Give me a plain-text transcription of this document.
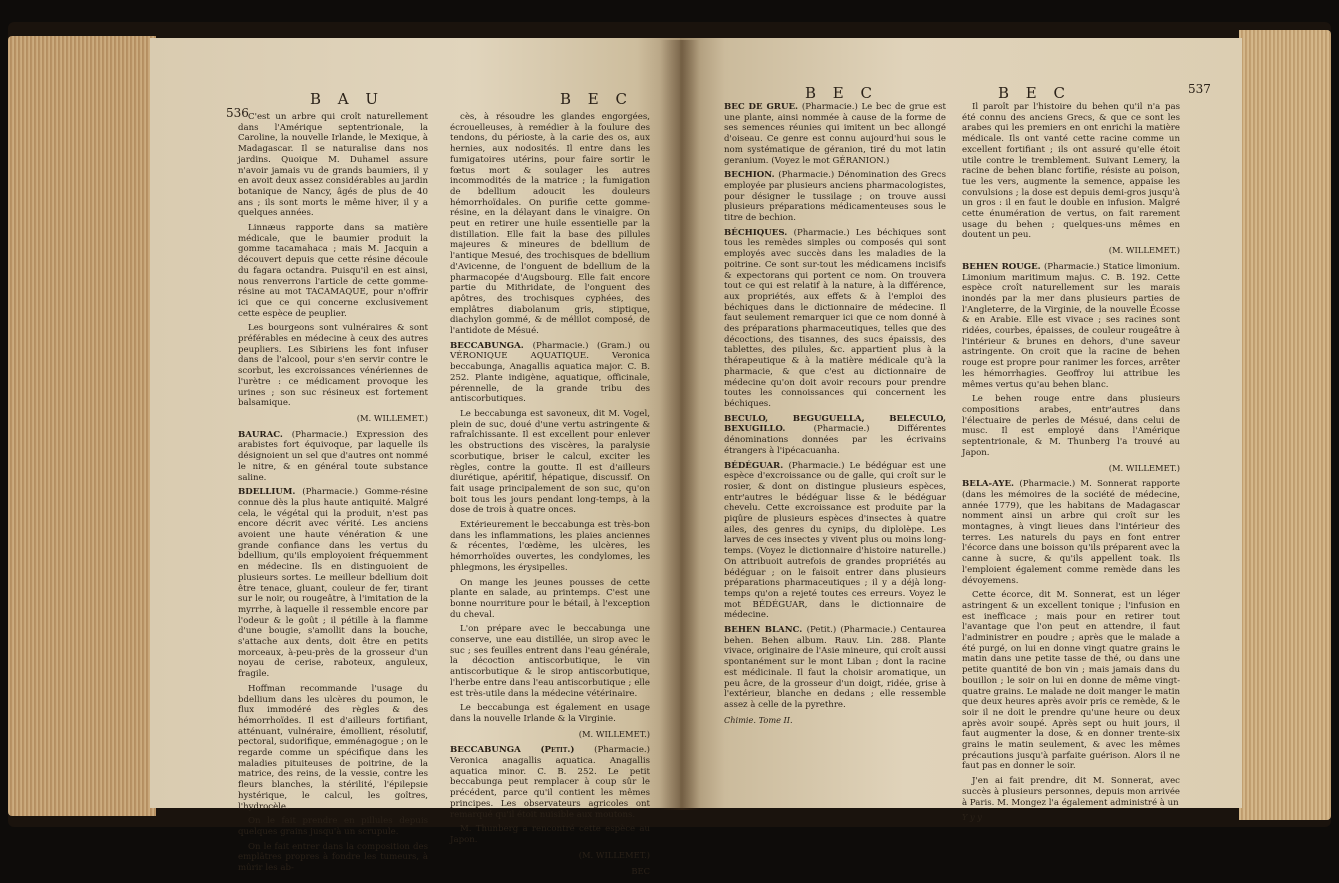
536
B A U	B E C

C'est un arbre qui croît naturellement dans l'Amérique septentrionale, la Caroline, la nouvelle Irlande, le Mexique, à Madagascar. Il se naturalise dans nos jardins. Quoique M. Duhamel assure n'avoir jamais vu de grands baumiers, il y en avoit deux assez considérables au jardin botanique de Nancy, âgés de plus de 40 ans ; ils sont morts le même hiver, il y a quelques années.

Linnæus rapporte dans sa matière médicale, que le baumier produit la gomme tacamahaca ; mais M. Jacquin a découvert depuis que cette résine découle du fagara octandra. Puisqu'il en est ainsi, nous renverrons l'article de cette gomme-résine au mot TACAMAQUE, pour n'offrir ici que ce qui concerne exclusivement cette espèce de peuplier.

Les bourgeons sont vulnéraires & sont préférables en médecine à ceux des autres peupliers. Les Sibiriens les font infuser dans de l'alcool, pour s'en servir contre le scorbut, les excroissances vénériennes de l'urètre : ce médicament provoque les urines ; son suc résineux est fortement balsamique.

(M. WILLEMET.)

BAURAC. (Pharmacie.) Expression des arabistes fort équivoque, par laquelle ils désignoient un sel que d'autres ont nommé le nitre, & en général toute substance saline.

BDELLIUM. (Pharmacie.) Gomme-résine connue dès la plus haute antiquité. Malgré cela, le végétal qui la produit, n'est pas encore décrit avec vérité. Les anciens avoient une haute vénération & une grande confiance dans les vertus du bdellium, qu'ils employoient fréquemment en médecine. Ils en distinguoient de plusieurs sortes. Le meilleur bdellium doit être tenace, gluant, couleur de fer, tirant sur le noir, ou rougeâtre, à l'imitation de la myrrhe, à laquelle il ressemble encore par l'odeur & le goût ; il pétille à la flamme d'une bougie, s'amollit dans la bouche, s'attache aux dents, doit être en petits morceaux, à-peu-près de la grosseur d'un noyau de cerise, raboteux, anguleux, fragile.

Hoffman recommande l'usage du bdellium dans les ulcères du poumon, le flux immodéré des règles & des hémorrhoïdes. Il est d'ailleurs fortifiant, atténuant, vulnéraire, émollient, résolutif, pectoral, sudorifique, emménagogue ; on le regarde comme un spécifique dans les maladies pituiteuses de poitrine, de la matrice, des reins, de la vessie, contre les fleurs blanches, la stérilité, l'épilepsie hystérique, le calcul, les goîtres, l'hydrocèle.

On le fait prendre en pillules depuis quelques grains jusqu'à un scrupule.

On le fait entrer dans la composition des emplâtres propres à fondre les tumeurs, à mûrir les ab-

cès, à résoudre les glandes engorgées, écrouelleuses, à remédier à la foulure des tendons, du périoste, à la carie des os, aux hernies, aux nodosités. Il entre dans les fumigatoires utérins, pour faire sortir le fœtus mort & soulager les autres incommodités de la matrice ; la fumigation de bdellium adoucit les douleurs hémorrhoïdales. On purifie cette gomme-résine, en la délayant dans le vinaigre. On peut en retirer une huile essentielle par la distillation. Elle fait la base des pillules majeures & mineures de bdellium de l'antique Mesué, des trochisques de bdellium d'Avicenne, de l'onguent de bdellium de la pharmacopée d'Augsbourg. Elle fait encore partie du Mithridate, de l'onguent des apôtres, des trochisques cyphées, des emplâtres diabolanum gris, stiptique, diachylon gommé, & de mélilot composé, de l'antidote de Mésué.

BECCABUNGA. (Pharmacie.) (Gram.) ou VÉRONIQUE AQUATIQUE. Veronica beccabunga, Anagallis aquatica major. C. B. 252. Plante indigène, aquatique, officinale, pérennelle, de la grande tribu des antiscorbutiques.

Le beccabunga est savoneux, dit M. Vogel, plein de suc, doué d'une vertu astringente & rafraîchissante. Il est excellent pour enlever les obstructions des viscères, la paralysie scorbutique, briser le calcul, exciter les règles, contre la goutte. Il est d'ailleurs diurétique, apéritif, hépatique, discussif. On fait usage principalement de son suc, qu'on boit tous les jours pendant long-temps, à la dose de trois à quatre onces.

Extérieurement le beccabunga est très-bon dans les inflammations, les plaies anciennes & récentes, l'œdème, les ulcères, les hémorrhoïdes ouvertes, les condylomes, les phlegmons, les érysipelles.

On mange les jeunes pousses de cette plante en salade, au printemps. C'est une bonne nourriture pour le bétail, à l'exception du cheval.

L'on prépare avec le beccabunga une conserve, une eau distillée, un sirop avec le suc ; ses feuilles entrent dans l'eau générale, la décoction antiscorbutique, le vin antiscorbutique & le sirop antiscorbutique, l'herbe entre dans l'eau antiscorbutique ; elle est très-utile dans la médecine vétérinaire.

Le beccabunga est également en usage dans la nouvelle Irlande & la Virginie.

(M. WILLEMET.)

BECCABUNGA (Petit.) (Pharmacie.) Veronica anagallis aquatica. Anagallis aquatica minor. C. B. 252. Le petit beccabunga peut remplacer à coup sûr le précédent, parce qu'il contient les mêmes principes. Les observateurs agricoles ont remarqué qu'il étoit nuisible aux moutons.

M. Thunberg a rencontré cette espèce au Japon.

(M. WILLEMET.)
BEC
B E C	B E C	537

BEC DE GRUE. (Pharmacie.) Le bec de grue est une plante, ainsi nommée à cause de la forme de ses semences réunies qui imitent un bec allongé d'oiseau. Ce genre est connu aujourd'hui sous le nom systématique de géranion, tiré du mot latin geranium. (Voyez le mot GÉRANION.)

BECHION. (Pharmacie.) Dénomination des Grecs employée par plusieurs anciens pharmacologistes, pour désigner le tussilage ; on trouve aussi plusieurs préparations médicamenteuses sous le titre de bechion.

BÉCHIQUES. (Pharmacie.) Les béchiques sont tous les remèdes simples ou composés qui sont employés avec succès dans les maladies de la poitrine. Ce sont sur-tout les médicamens incisifs & expectorans qui portent ce nom. On trouvera tout ce qui est relatif à la nature, à la différence, aux propriétés, aux effets & à l'emploi des béchiques dans le dictionnaire de médecine. Il faut seulement remarquer ici que ce nom donné à des préparations pharmaceutiques, telles que des décoctions, des tisannes, des sucs épaissis, des tablettes, des pilules, &c. appartient plus à la thérapeutique & à la matière médicale qu'à la pharmacie, & que c'est au dictionnaire de médecine qu'on doit avoir recours pour prendre toutes les connoissances qui concernent les béchiques.

BECULO, BEGUGUELLA, BELECULO, BEXUGILLO. (Pharmacie.) Différentes dénominations données par les écrivains étrangers à l'ipécacuanha.

BÉDÉGUAR. (Pharmacie.) Le bédéguar est une espèce d'excroissance ou de galle, qui croît sur le rosier, & dont on distingue plusieurs espèces, entr'autres le bédéguar lisse & le bédéguar chevelu. Cette excroissance est produite par la piqûre de plusieurs espèces d'insectes à quatre ailes, des genres du cynips, du diplolèpe. Les larves de ces insectes y vivent plus ou moins long-temps. (Voyez le dictionnaire d'histoire naturelle.) On attribuoit autrefois de grandes propriétés au bédéguar ; on le faisoit entrer dans plusieurs préparations pharmaceutiques ; il y a déjà long-temps qu'on a rejeté toutes ces erreurs. Voyez le mot BÉDÉGUAR, dans le dictionnaire de médecine.

BEHEN BLANC. (Petit.) (Pharmacie.) Centaurea behen. Behen album. Rauv. Lin. 288. Plante vivace, originaire de l'Asie mineure, qui croît aussi spontanément sur le mont Liban ; dont la racine est médicinale. Il faut la choisir aromatique, un peu âcre, de la grosseur d'un doigt, ridée, grise à l'extérieur, blanche en dedans ; elle ressemble assez à celle de la pyrethre.

Chimie. Tome II.

Il paroît par l'histoire du behen qu'il n'a pas été connu des anciens Grecs, & que ce sont les arabes qui les premiers en ont enrichi la matière médicale. Ils ont vanté cette racine comme un excellent fortifiant ; ils ont assuré qu'elle étoit utile contre le tremblement. Suivant Lemery, la racine de behen blanc fortifie, résiste au poison, tue les vers, augmente la semence, appaise les convulsions ; la dose est depuis demi-gros jusqu'à un gros : il en faut le double en infusion. Malgré cette énumération de vertus, on fait rarement usage du behen ; quelques-uns mêmes en doutent un peu.

(M. WILLEMET.)

BEHEN ROUGE. (Pharmacie.) Statice limonium. Limonium maritimum majus. C. B. 192. Cette espèce croît naturellement sur les marais inondés par la mer dans plusieurs parties de l'Angleterre, de la Virginie, de la nouvelle Écosse & en Arabie. Elle est vivace ; ses racines sont ridées, courbes, épaisses, de couleur rougeâtre à l'intérieur & brunes en dehors, d'une saveur astringente. On croit que la racine de behen rouge est propre pour ranimer les forces, arrêter les hémorrhagies. Geoffroy lui attribue les mêmes vertus qu'au behen blanc.

Le behen rouge entre dans plusieurs compositions arabes, entr'autres dans l'électuaire de perles de Mésué, dans celui de musc. Il est employé dans l'Amérique septentrionale, & M. Thunberg l'a trouvé au Japon.

(M. WILLEMET.)

BELA-AYE. (Pharmacie.) M. Sonnerat rapporte (dans les mémoires de la société de médecine, année 1779), que les habitans de Madagascar nomment ainsi un arbre qui croît sur les montagnes, à vingt lieues dans l'intérieur des terres. Les naturels du pays en font entrer l'écorce dans une boisson qu'ils préparent avec la canne à sucre, & qu'ils appellent toak. Ils l'emploient également comme remède dans les dévoyemens.

Cette écorce, dit M. Sonnerat, est un léger astringent & un excellent tonique ; l'infusion en est inefficace ; mais pour en retirer tout l'avantage que l'on peut en attendre, il faut l'administrer en poudre ; après que le malade a été purgé, on lui en donne vingt quatre grains le matin dans une petite tasse de thé, ou dans une petite quantité de bon vin ; mais jamais dans du bouillon ; le soir on lui en donne de même vingt-quatre grains. Le malade ne doit manger le matin que deux heures après avoir pris ce remède, & le soir il ne doit le prendre qu'une heure ou deux après avoir soupé. Après sept ou huit jours, il faut augmenter la dose, & en donner trente-six grains le matin seulement, & avec les mêmes précautions jusqu'à parfaite guérison. Alors il ne faut pas en donner le soir.

J'en ai fait prendre, dit M. Sonnerat, avec succès à plusieurs personnes, depuis mon arrivée à Paris. M. Mongez l'a également administré à un

Y y y
